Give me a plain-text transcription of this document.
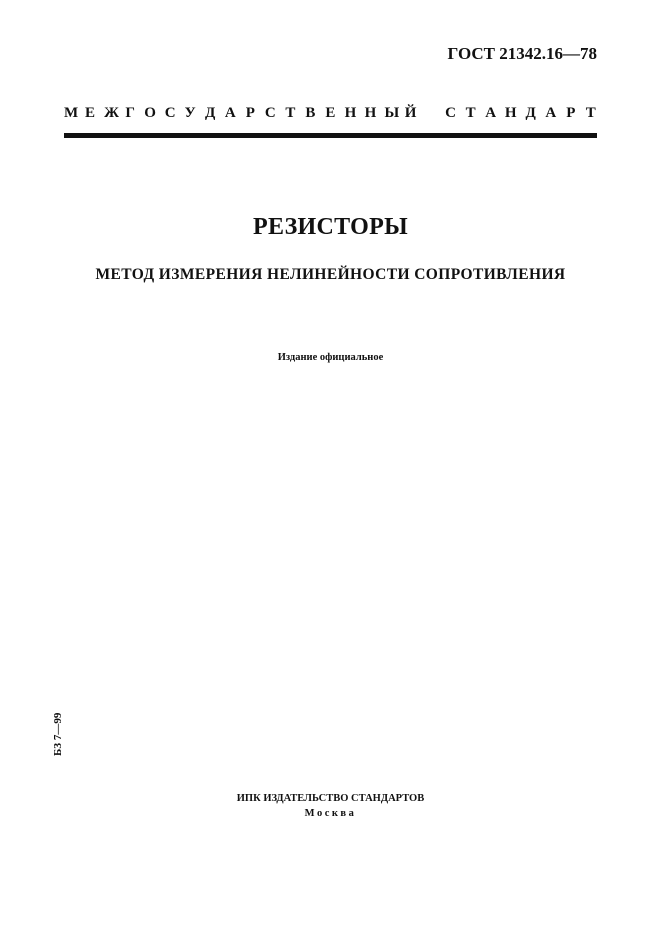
ГОСТ 21342.16—78
М Е Ж Г О С У Д А Р С Т В Е Н Н Ы Й С Т А Н Д А Р Т
РЕЗИСТОРЫ
МЕТОД ИЗМЕРЕНИЯ НЕЛИНЕЙНОСТИ СОПРОТИВЛЕНИЯ
Издание официальное
БЗ 7—99
ИПК ИЗДАТЕЛЬСТВО СТАНДАРТОВ
Москва
